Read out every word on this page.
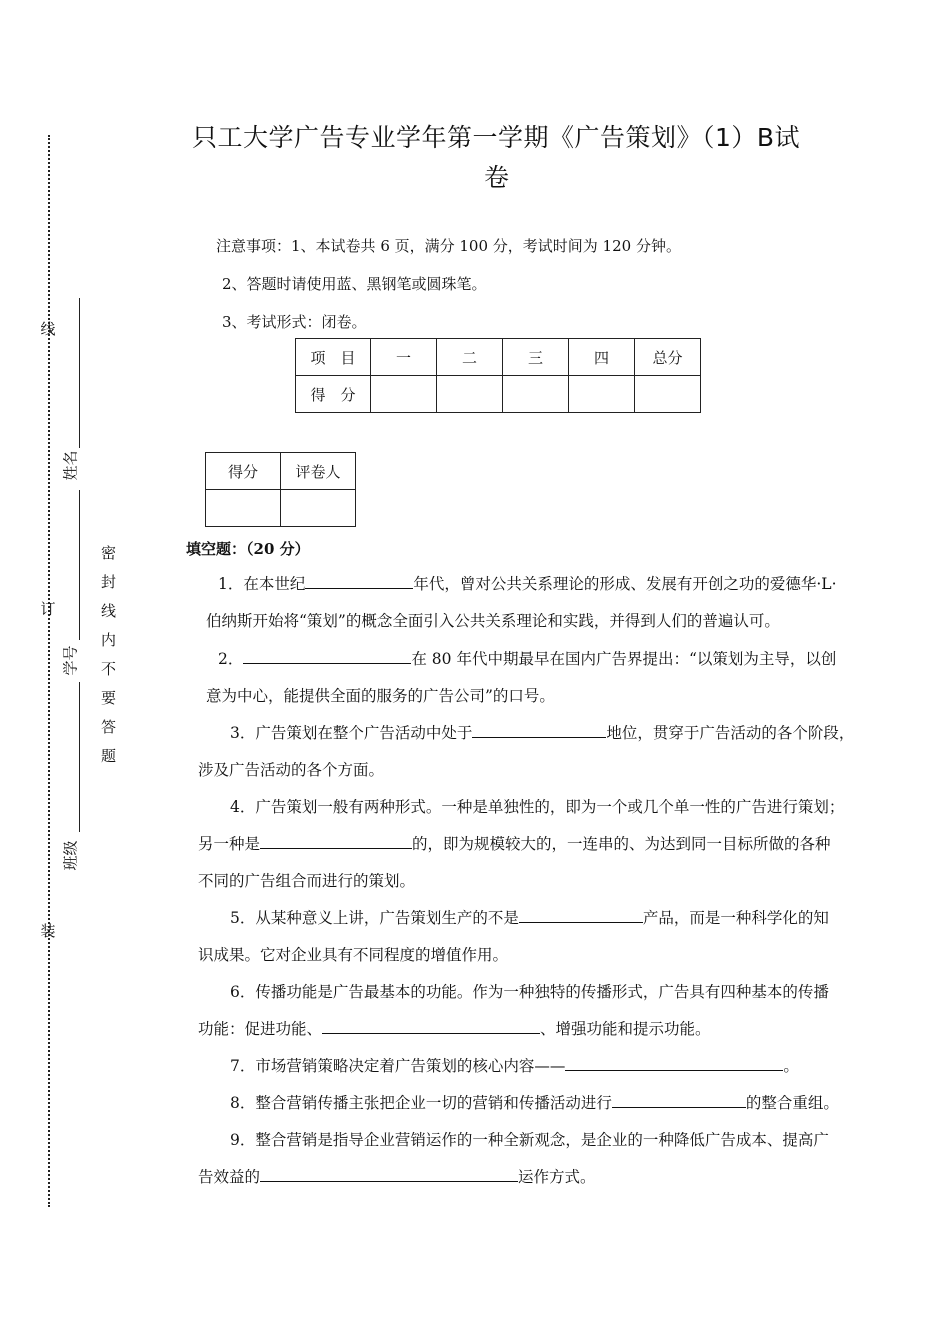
线
订
装
姓名
学号
班级
密封线内不要答题
只工大学广告专业学年第一学期《广告策划》（1）B试
卷
注意事项：1、本试卷共 6 页，满分 100 分，考试时间为 120 分钟。
2、答题时请使用蓝、黑钢笔或圆珠笔。
3、考试形式：闭卷。
项　目	一	二	三	四	总分
得　分					
得分	评卷人

填空题：（20 分）
1．在本世纪	年代，曾对公共关系理论的形成、发展有开创之功的爱德华·L·
伯纳斯开始将“策划”的概念全面引入公共关系理论和实践，并得到人们的普遍认可。
2．	在 80 年代中期最早在国内广告界提出：“以策划为主导，以创
意为中心，能提供全面的服务的广告公司”的口号。
3．广告策划在整个广告活动中处于	地位，贯穿于广告活动的各个阶段，
涉及广告活动的各个方面。
4．广告策划一般有两种形式。一种是单独性的，即为一个或几个单一性的广告进行策划；
另一种是	的，即为规模较大的，一连串的、为达到同一目标所做的各种
不同的广告组合而进行的策划。
5．从某种意义上讲，广告策划生产的不是	产品，而是一种科学化的知
识成果。它对企业具有不同程度的增值作用。
6．传播功能是广告最基本的功能。作为一种独特的传播形式，广告具有四种基本的传播
功能：促进功能、	、增强功能和提示功能。
7．市场营销策略决定着广告策划的核心内容——	。
8．整合营销传播主张把企业一切的营销和传播活动进行	的整合重组。
9．整合营销是指导企业营销运作的一种全新观念，是企业的一种降低广告成本、提高广
告效益的	运作方式。
